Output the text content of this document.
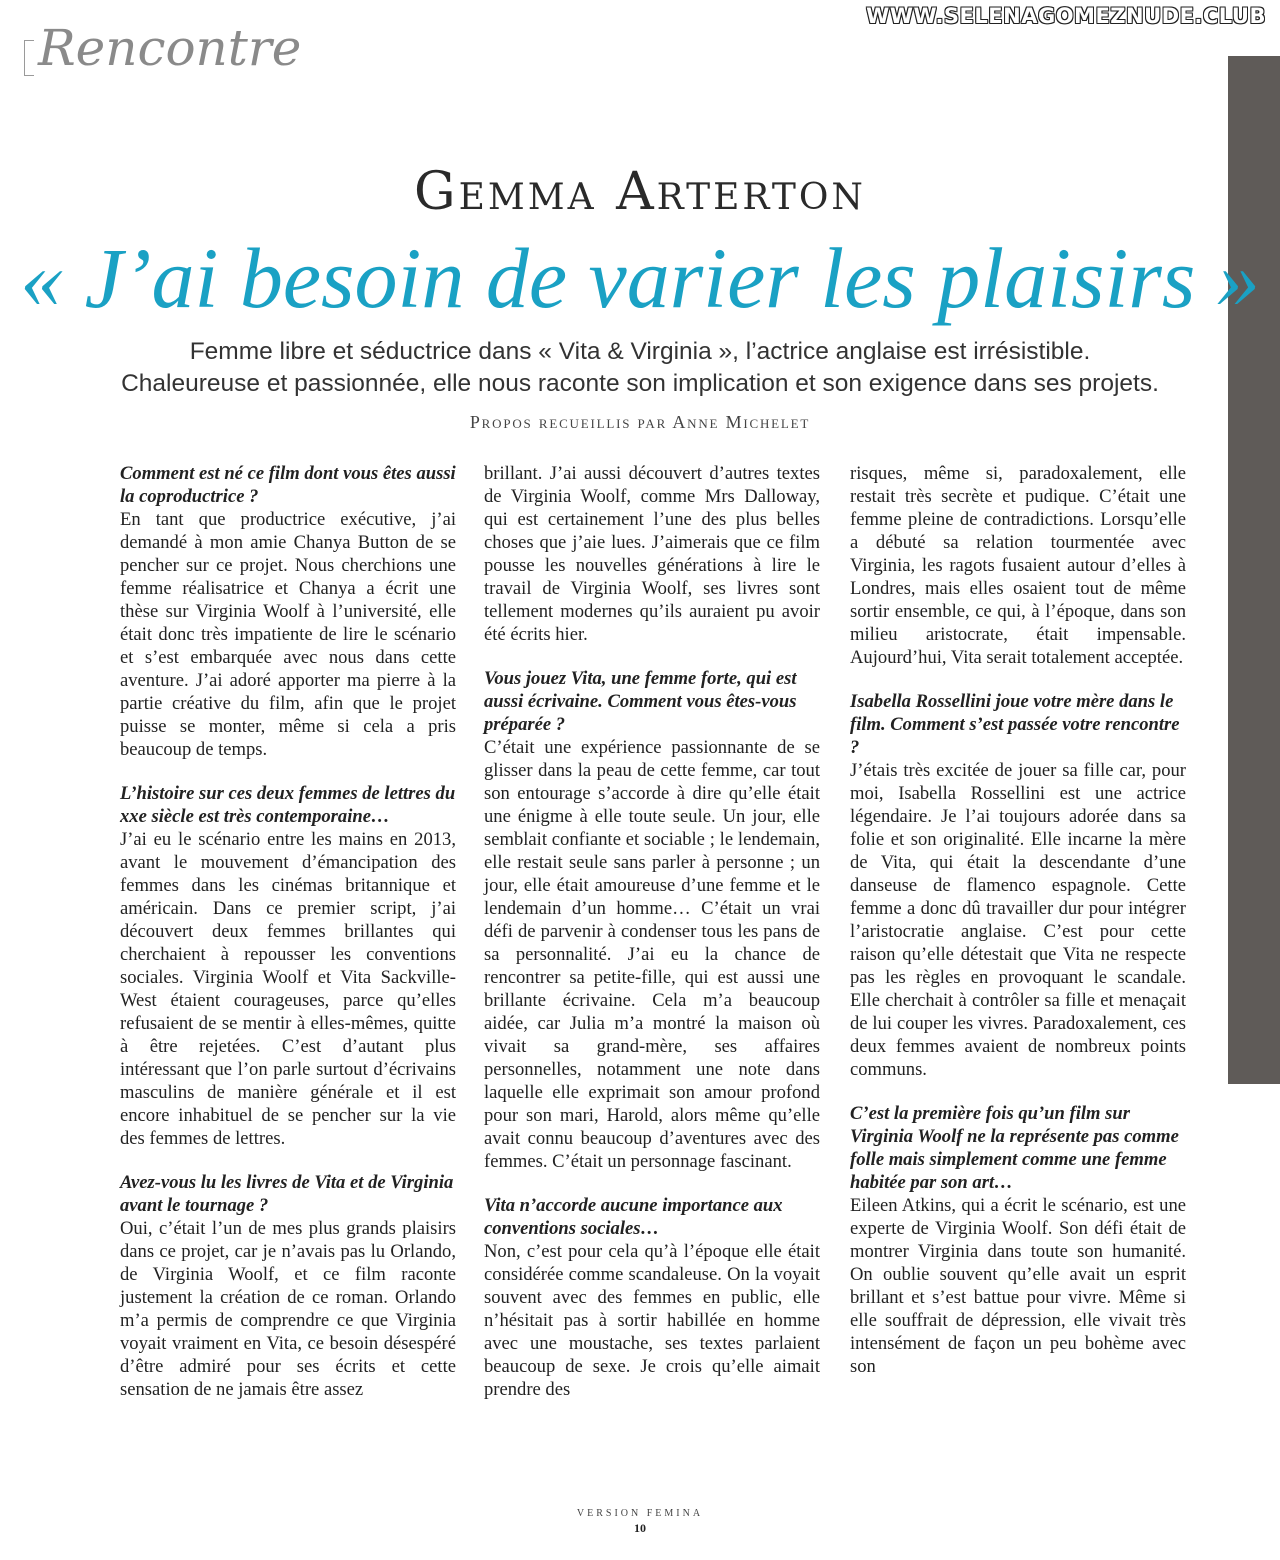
WWW.SELENAGOMEZNUDE.CLUB
Rencontre
Gemma Arterton
« J’ai besoin de varier les plaisirs »
Femme libre et séductrice dans « Vita & Virginia », l’actrice anglaise est irrésistible.
Chaleureuse et passionnée, elle nous raconte son implication et son exigence dans ses projets.
Propos recueillis par Anne Michelet

Comment est né ce film dont vous êtes aussi la coproductrice ?
En tant que productrice exécutive, j’ai demandé à mon amie Chanya Button de se pencher sur ce projet. Nous cherchions une femme réalisatrice et Chanya a écrit une thèse sur Virginia Woolf à l’université, elle était donc très impatiente de lire le scénario et s’est embarquée avec nous dans cette aventure. J’ai adoré apporter ma pierre à la partie créative du film, afin que le projet puisse se monter, même si cela a pris beaucoup de temps.

L’histoire sur ces deux femmes de lettres du xxe siècle est très contemporaine…
J’ai eu le scénario entre les mains en 2013, avant le mouvement d’émancipation des femmes dans les cinémas britannique et américain. Dans ce premier script, j’ai découvert deux femmes brillantes qui cherchaient à repousser les conventions sociales. Virginia Woolf et Vita Sackville-West étaient courageuses, parce qu’elles refusaient de se mentir à elles-mêmes, quitte à être rejetées. C’est d’autant plus intéressant que l’on parle surtout d’écrivains masculins de manière générale et il est encore inhabituel de se pencher sur la vie des femmes de lettres.

Avez-vous lu les livres de Vita et de Virginia avant le tournage ?
Oui, c’était l’un de mes plus grands plaisirs dans ce projet, car je n’avais pas lu Orlando, de Virginia Woolf, et ce film raconte justement la création de ce roman. Orlando m’a permis de comprendre ce que Virginia voyait vraiment en Vita, ce besoin désespéré d’être admiré pour ses écrits et cette sensation de ne jamais être assez

brillant. J’ai aussi découvert d’autres textes de Virginia Woolf, comme Mrs Dalloway, qui est certainement l’une des plus belles choses que j’aie lues. J’aimerais que ce film pousse les nouvelles générations à lire le travail de Virginia Woolf, ses livres sont tellement modernes qu’ils auraient pu avoir été écrits hier.

Vous jouez Vita, une femme forte, qui est aussi écrivaine. Comment vous êtes-vous préparée ?
C’était une expérience passionnante de se glisser dans la peau de cette femme, car tout son entourage s’accorde à dire qu’elle était une énigme à elle toute seule. Un jour, elle semblait confiante et sociable ; le lendemain, elle restait seule sans parler à personne ; un jour, elle était amoureuse d’une femme et le lendemain d’un homme… C’était un vrai défi de parvenir à condenser tous les pans de sa personnalité. J’ai eu la chance de rencontrer sa petite-fille, qui est aussi une brillante écrivaine. Cela m’a beaucoup aidée, car Julia m’a montré la maison où vivait sa grand-mère, ses affaires personnelles, notamment une note dans laquelle elle exprimait son amour profond pour son mari, Harold, alors même qu’elle avait connu beaucoup d’aventures avec des femmes. C’était un personnage fascinant.

Vita n’accorde aucune importance aux conventions sociales…
Non, c’est pour cela qu’à l’époque elle était considérée comme scandaleuse. On la voyait souvent avec des femmes en public, elle n’hésitait pas à sortir habillée en homme avec une moustache, ses textes parlaient beaucoup de sexe. Je crois qu’elle aimait prendre des

risques, même si, paradoxalement, elle restait très secrète et pudique. C’était une femme pleine de contradictions. Lorsqu’elle a débuté sa relation tourmentée avec Virginia, les ragots fusaient autour d’elles à Londres, mais elles osaient tout de même sortir ensemble, ce qui, à l’époque, dans son milieu aristocrate, était impensable. Aujourd’hui, Vita serait totalement acceptée.

Isabella Rossellini joue votre mère dans le film. Comment s’est passée votre rencontre ?
J’étais très excitée de jouer sa fille car, pour moi, Isabella Rossellini est une actrice légendaire. Je l’ai toujours adorée dans sa folie et son originalité. Elle incarne la mère de Vita, qui était la descendante d’une danseuse de flamenco espagnole. Cette femme a donc dû travailler dur pour intégrer l’aristocratie anglaise. C’est pour cette raison qu’elle détestait que Vita ne respecte pas les règles en provoquant le scandale. Elle cherchait à contrôler sa fille et menaçait de lui couper les vivres. Paradoxalement, ces deux femmes avaient de nombreux points communs.

C’est la première fois qu’un film sur Virginia Woolf ne la représente pas comme folle mais simplement comme une femme habitée par son art…
Eileen Atkins, qui a écrit le scénario, est une experte de Virginia Woolf. Son défi était de montrer Virginia dans toute son humanité. On oublie souvent qu’elle avait un esprit brillant et s’est battue pour vivre. Même si elle souffrait de dépression, elle vivait très intensément de façon un peu bohème avec son

VERSION FEMINA
10
